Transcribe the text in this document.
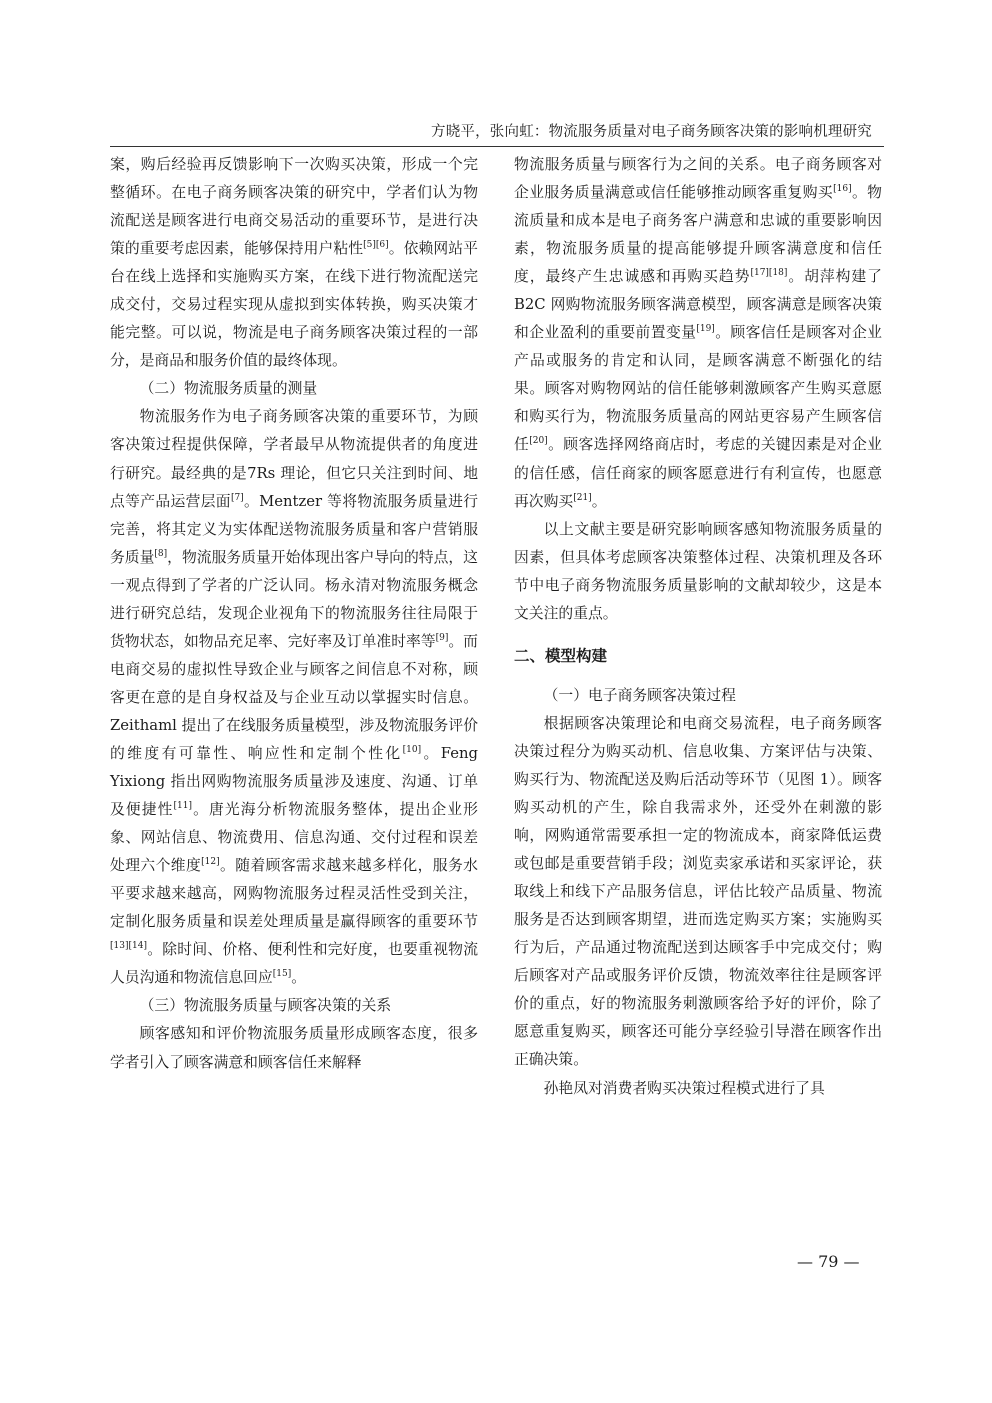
方晓平，张向虹：物流服务质量对电子商务顾客决策的影响机理研究

案，购后经验再反馈影响下一次购买决策，形成一个完整循环。在电子商务顾客决策的研究中，学者们认为物流配送是顾客进行电商交易活动的重要环节，是进行决策的重要考虑因素，能够保持用户粘性[5][6]。依赖网站平台在线上选择和实施购买方案，在线下进行物流配送完成交付，交易过程实现从虚拟到实体转换，购买决策才能完整。可以说，物流是电子商务顾客决策过程的一部分，是商品和服务价值的最终体现。

（二）物流服务质量的测量

物流服务作为电子商务顾客决策的重要环节，为顾客决策过程提供保障，学者最早从物流提供者的角度进行研究。最经典的是7Rs 理论，但它只关注到时间、地点等产品运营层面[7]。Mentzer 等将物流服务质量进行完善，将其定义为实体配送物流服务质量和客户营销服务质量[8]，物流服务质量开始体现出客户导向的特点，这一观点得到了学者的广泛认同。杨永清对物流服务概念进行研究总结，发现企业视角下的物流服务往往局限于货物状态，如物品充足率、完好率及订单准时率等[9]。而电商交易的虚拟性导致企业与顾客之间信息不对称，顾客更在意的是自身权益及与企业互动以掌握实时信息。Zeithaml 提出了在线服务质量模型，涉及物流服务评价的维度有可靠性、响应性和定制个性化[10]。Feng Yixiong 指出网购物流服务质量涉及速度、沟通、订单及便捷性[11]。唐光海分析物流服务整体，提出企业形象、网站信息、物流费用、信息沟通、交付过程和误差处理六个维度[12]。随着顾客需求越来越多样化，服务水平要求越来越高，网购物流服务过程灵活性受到关注，定制化服务质量和误差处理质量是赢得顾客的重要环节[13][14]。除时间、价格、便利性和完好度，也要重视物流人员沟通和物流信息回应[15]。

（三）物流服务质量与顾客决策的关系

顾客感知和评价物流服务质量形成顾客态度，很多学者引入了顾客满意和顾客信任来解释

物流服务质量与顾客行为之间的关系。电子商务顾客对企业服务质量满意或信任能够推动顾客重复购买[16]。物流质量和成本是电子商务客户满意和忠诚的重要影响因素，物流服务质量的提高能够提升顾客满意度和信任度，最终产生忠诚感和再购买趋势[17][18]。胡萍构建了 B2C 网购物流服务顾客满意模型，顾客满意是顾客决策和企业盈利的重要前置变量[19]。顾客信任是顾客对企业产品或服务的肯定和认同，是顾客满意不断强化的结果。顾客对购物网站的信任能够刺激顾客产生购买意愿和购买行为，物流服务质量高的网站更容易产生顾客信任[20]。顾客选择网络商店时，考虑的关键因素是对企业的信任感，信任商家的顾客愿意进行有利宣传，也愿意再次购买[21]。

以上文献主要是研究影响顾客感知物流服务质量的因素，但具体考虑顾客决策整体过程、决策机理及各环节中电子商务物流服务质量影响的文献却较少，这是本文关注的重点。

二、模型构建
（一）电子商务顾客决策过程

根据顾客决策理论和电商交易流程，电子商务顾客决策过程分为购买动机、信息收集、方案评估与决策、购买行为、物流配送及购后活动等环节（见图 1）。顾客购买动机的产生，除自我需求外，还受外在刺激的影响，网购通常需要承担一定的物流成本，商家降低运费或包邮是重要营销手段；浏览卖家承诺和买家评论，获取线上和线下产品服务信息，评估比较产品质量、物流服务是否达到顾客期望，进而选定购买方案；实施购买行为后，产品通过物流配送到达顾客手中完成交付；购后顾客对产品或服务评价反馈，物流效率往往是顾客评价的重点，好的物流服务刺激顾客给予好的评价，除了愿意重复购买，顾客还可能分享经验引导潜在顾客作出正确决策。

孙艳凤对消费者购买决策过程模式进行了具

— 79 —
